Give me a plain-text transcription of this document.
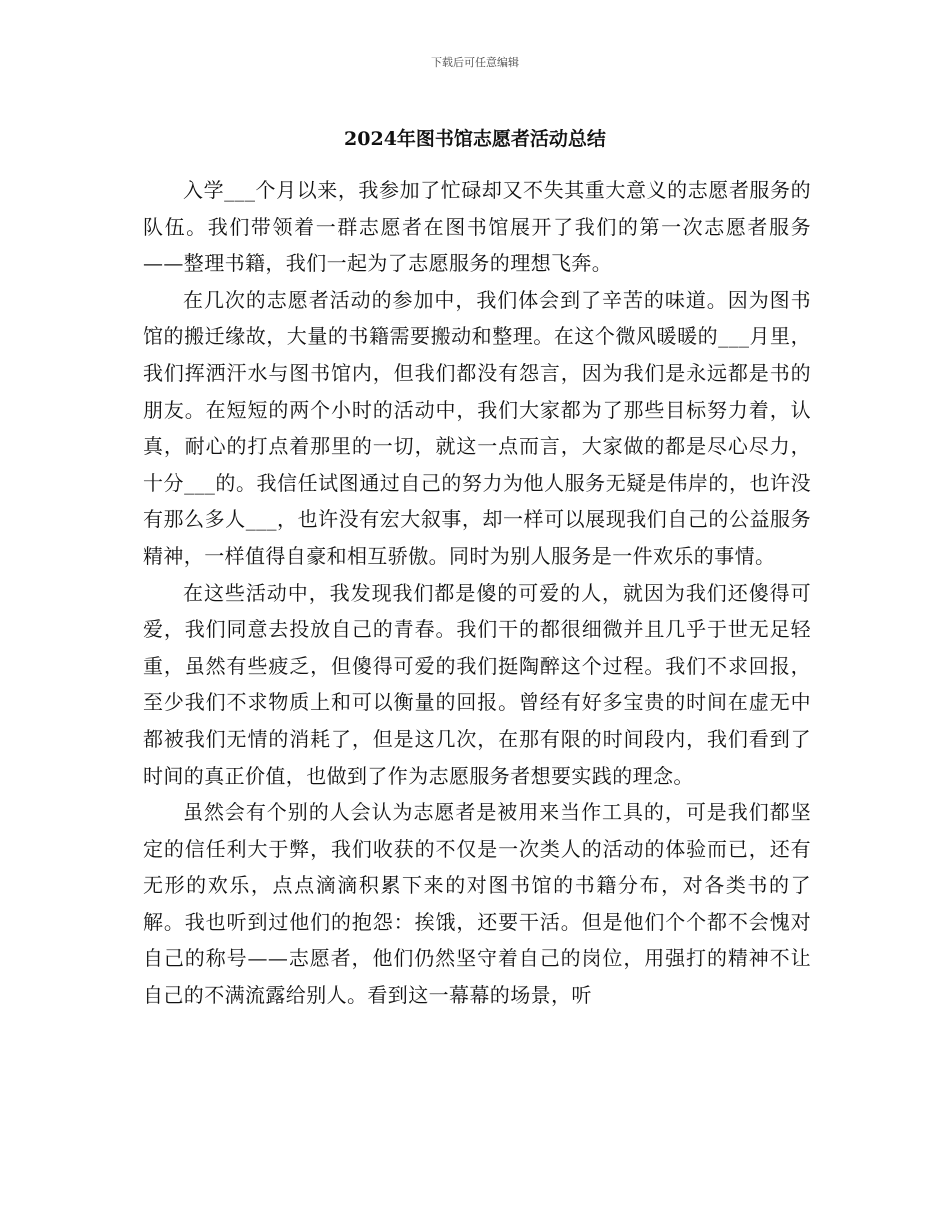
下载后可任意编辑
2024年图书馆志愿者活动总结

入学___个月以来，我参加了忙碌却又不失其重大意义的志愿者服务的队伍。我们带领着一群志愿者在图书馆展开了我们的第一次志愿者服务——整理书籍，我们一起为了志愿服务的理想飞奔。

在几次的志愿者活动的参加中，我们体会到了辛苦的味道。因为图书馆的搬迁缘故，大量的书籍需要搬动和整理。在这个微风暖暖的___月里，我们挥洒汗水与图书馆内，但我们都没有怨言，因为我们是永远都是书的朋友。在短短的两个小时的活动中，我们大家都为了那些目标努力着，认真，耐心的打点着那里的一切，就这一点而言，大家做的都是尽心尽力，十分___的。我信任试图通过自己的努力为他人服务无疑是伟岸的，也许没有那么多人___，也许没有宏大叙事，却一样可以展现我们自己的公益服务精神，一样值得自豪和相互骄傲。同时为别人服务是一件欢乐的事情。

在这些活动中，我发现我们都是傻的可爱的人，就因为我们还傻得可爱，我们同意去投放自己的青春。我们干的都很细微并且几乎于世无足轻重，虽然有些疲乏，但傻得可爱的我们挺陶醉这个过程。我们不求回报，至少我们不求物质上和可以衡量的回报。曾经有好多宝贵的时间在虚无中都被我们无情的消耗了，但是这几次，在那有限的时间段内，我们看到了时间的真正价值，也做到了作为志愿服务者想要实践的理念。

虽然会有个别的人会认为志愿者是被用来当作工具的，可是我们都坚定的信任利大于弊，我们收获的不仅是一次类人的活动的体验而已，还有无形的欢乐，点点滴滴积累下来的对图书馆的书籍分布，对各类书的了解。我也听到过他们的抱怨：挨饿，还要干活。但是他们个个都不会愧对自己的称号——志愿者，他们仍然坚守着自己的岗位，用强打的精神不让自己的不满流露给别人。看到这一幕幕的场景，听
